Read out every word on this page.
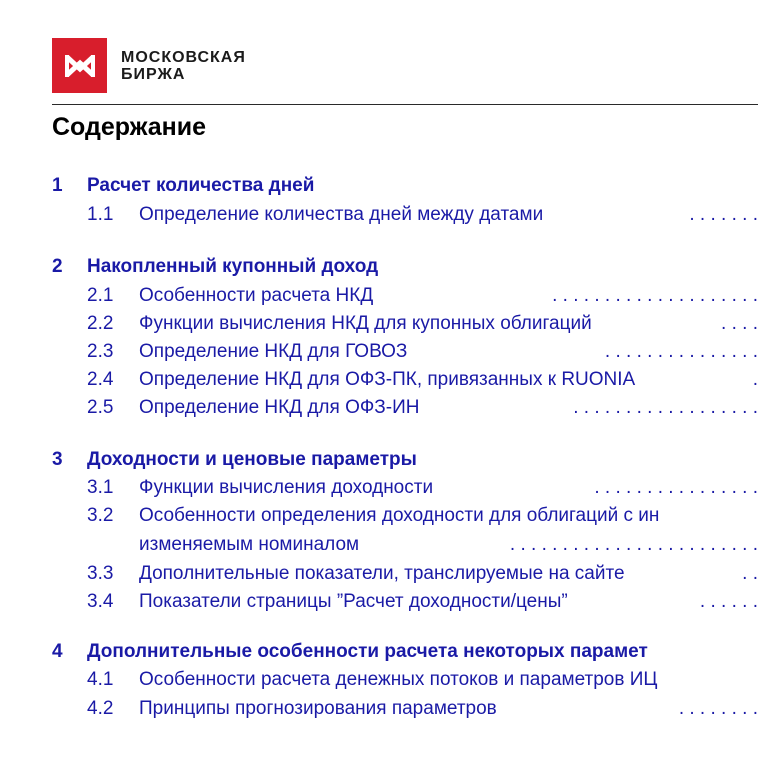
МОСКОВСКАЯ
БИРЖА
Содержание
1 Расчет количества дней
1.1 Определение количества дней между датами	. . . . . . .
2 Накопленный купонный доход
2.1 Особенности расчета НКД	. . . . . . . . . . . . . . . . . . . .
2.2 Функции вычисления НКД для купонных облигаций	. . . .
2.3 Определение НКД для ГОВОЗ	. . . . . . . . . . . . . . .
2.4 Определение НКД для ОФЗ-ПК, привязанных к RUONIA	.
2.5 Определение НКД для ОФЗ-ИН	. . . . . . . . . . . . . . . . . .
3 Доходности и ценовые параметры
3.1 Функции вычисления доходности	. . . . . . . . . . . . . . . .
3.2 Особенности определения доходности для облигаций с ин
изменяемым номиналом	. . . . . . . . . . . . . . . . . . . . . . . .
3.3 Дополнительные показатели, транслируемые на сайте	. .
3.4 Показатели страницы ”Расчет доходности/цены”	. . . . . .
4 Дополнительные особенности расчета некоторых парамет
4.1 Особенности расчета денежных потоков и параметров ИЦ
4.2 Принципы прогнозирования параметров	. . . . . . . .
